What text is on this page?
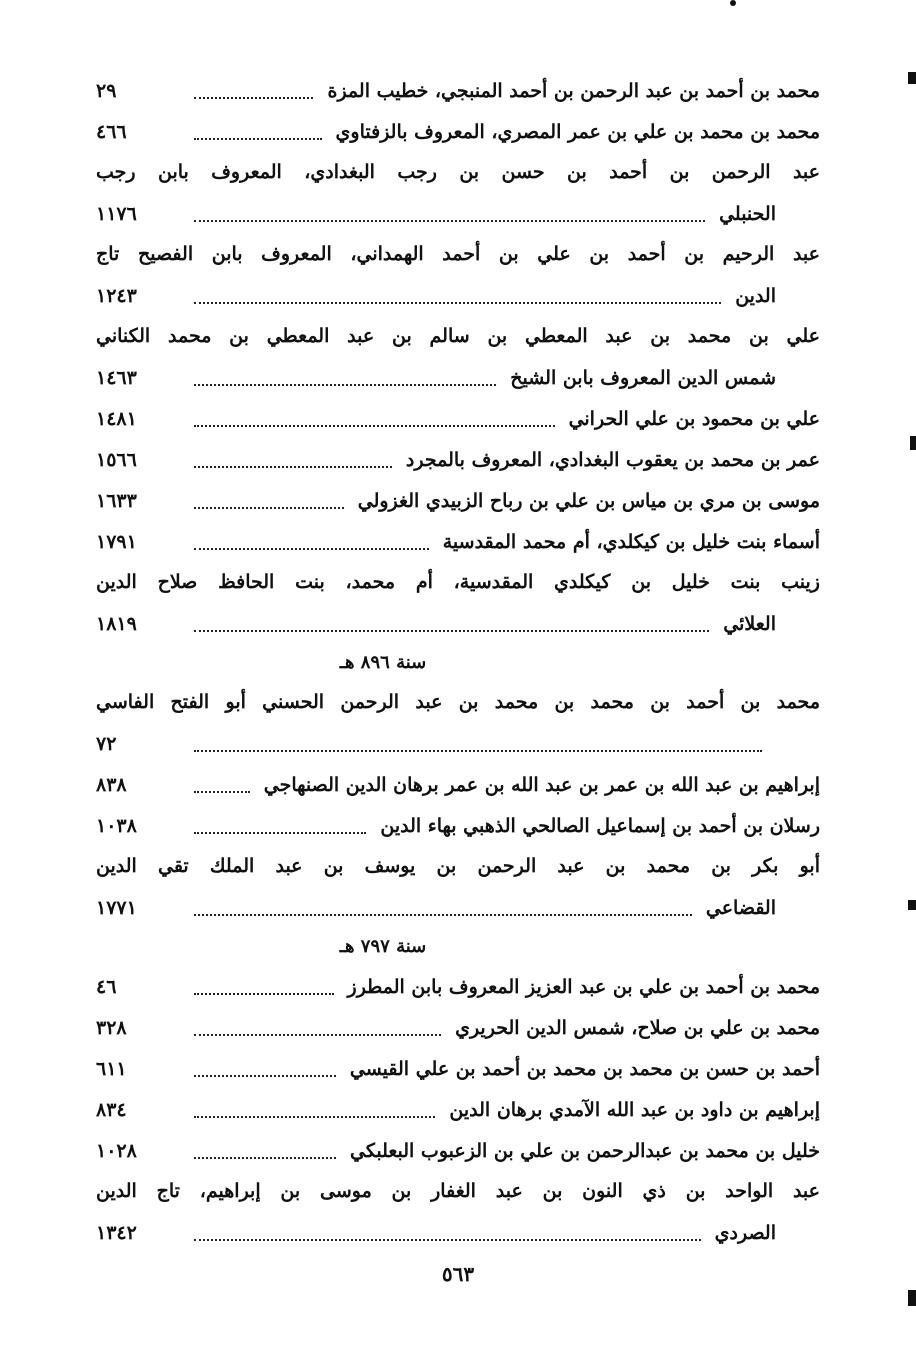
محمد بن أحمد بن عبد الرحمن بن أحمد المنبجي، خطيب المزة
٢٩
محمد بن محمد بن علي بن عمر المصري، المعروف بالزفتاوي
٤٦٦
عبد الرحمن بن أحمد بن حسن بن رجب البغدادي، المعروف بابن رجب
الحنبلي
١١٧٦
عبد الرحيم بن أحمد بن علي بن أحمد الهمداني، المعروف بابن الفصيح تاج
الدين
١٢٤٣
علي بن محمد بن عبد المعطي بن سالم بن عبد المعطي بن محمد الكناني
شمس الدين المعروف بابن الشيخ
١٤٦٣
علي بن محمود بن علي الحراني
١٤٨١
عمر بن محمد بن يعقوب البغدادي، المعروف بالمجرد
١٥٦٦
موسى بن مري بن مياس بن علي بن رباح الزبيدي الغزولي
١٦٣٣
أسماء بنت خليل بن كيكلدي، أم محمد المقدسية
١٧٩١
زينب بنت خليل بن كيكلدي المقدسية، أم محمد، بنت الحافظ صلاح الدين
العلائي
١٨١٩
سنة ٨٩٦ هـ
محمد بن أحمد بن محمد بن محمد بن عبد الرحمن الحسني أبو الفتح الفاسي
٧٢
إبراهيم بن عبد الله بن عمر بن عبد الله بن عمر برهان الدين الصنهاجي
٨٣٨
رسلان بن أحمد بن إسماعيل الصالحي الذهبي بهاء الدين
١٠٣٨
أبو بكر بن محمد بن عبد الرحمن بن يوسف بن عبد الملك تقي الدين
القضاعي
١٧٧١
سنة ٧٩٧ هـ
محمد بن أحمد بن علي بن عبد العزيز المعروف بابن المطرز
٤٦
محمد بن علي بن صلاح، شمس الدين الحريري
٣٢٨
أحمد بن حسن بن محمد بن محمد بن أحمد بن علي القيسي
٦١١
إبراهيم بن داود بن عبد الله الآمدي برهان الدين
٨٣٤
خليل بن محمد بن عبدالرحمن بن علي بن الزعبوب البعلبكي
١٠٢٨
عبد الواحد بن ذي النون بن عبد الغفار بن موسى بن إبراهيم، تاج الدين
الصردي
١٣٤٢
٥٦٣
